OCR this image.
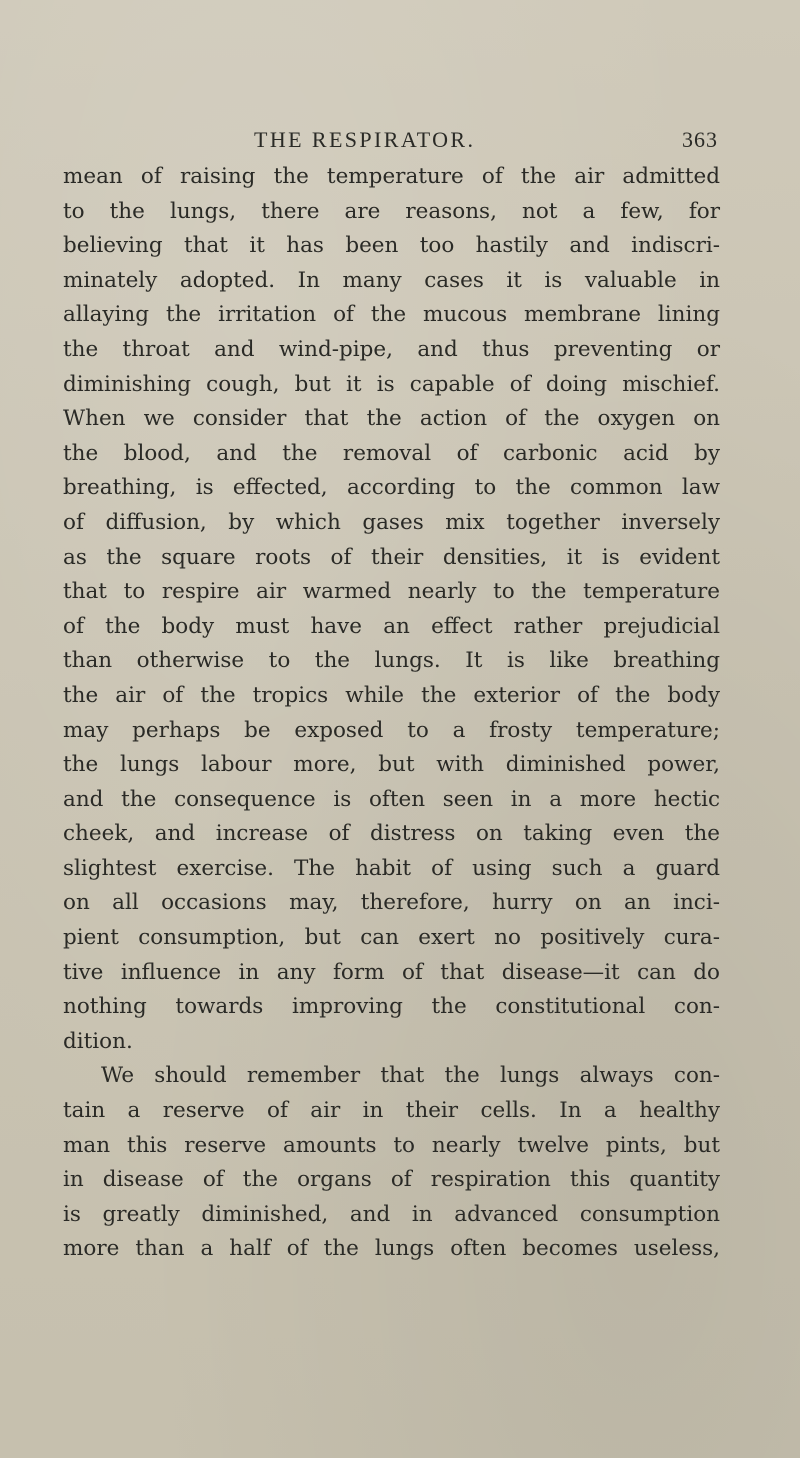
THE RESPIRATOR.	363
mean of raising the temperature of the air admitted
to the lungs, there are reasons, not a few, for
believing that it has been too hastily and indiscri-
minately adopted. In many cases it is valuable in
allaying the irritation of the mucous membrane lining
the throat and wind-pipe, and thus preventing or
diminishing cough, but it is capable of doing mischief.
When we consider that the action of the oxygen on
the blood, and the removal of carbonic acid by
breathing, is effected, according to the common law
of diffusion, by which gases mix together inversely
as the square roots of their densities, it is evident
that to respire air warmed nearly to the temperature
of the body must have an effect rather prejudicial
than otherwise to the lungs. It is like breathing
the air of the tropics while the exterior of the body
may perhaps be exposed to a frosty temperature;
the lungs labour more, but with diminished power,
and the consequence is often seen in a more hectic
cheek, and increase of distress on taking even the
slightest exercise. The habit of using such a guard
on all occasions may, therefore, hurry on an inci-
pient consumption, but can exert no positively cura-
tive influence in any form of that disease—it can do
nothing towards improving the constitutional con-
dition.
We should remember that the lungs always con-
tain a reserve of air in their cells. In a healthy
man this reserve amounts to nearly twelve pints, but
in disease of the organs of respiration this quantity
is greatly diminished, and in advanced consumption
more than a half of the lungs often becomes useless,
